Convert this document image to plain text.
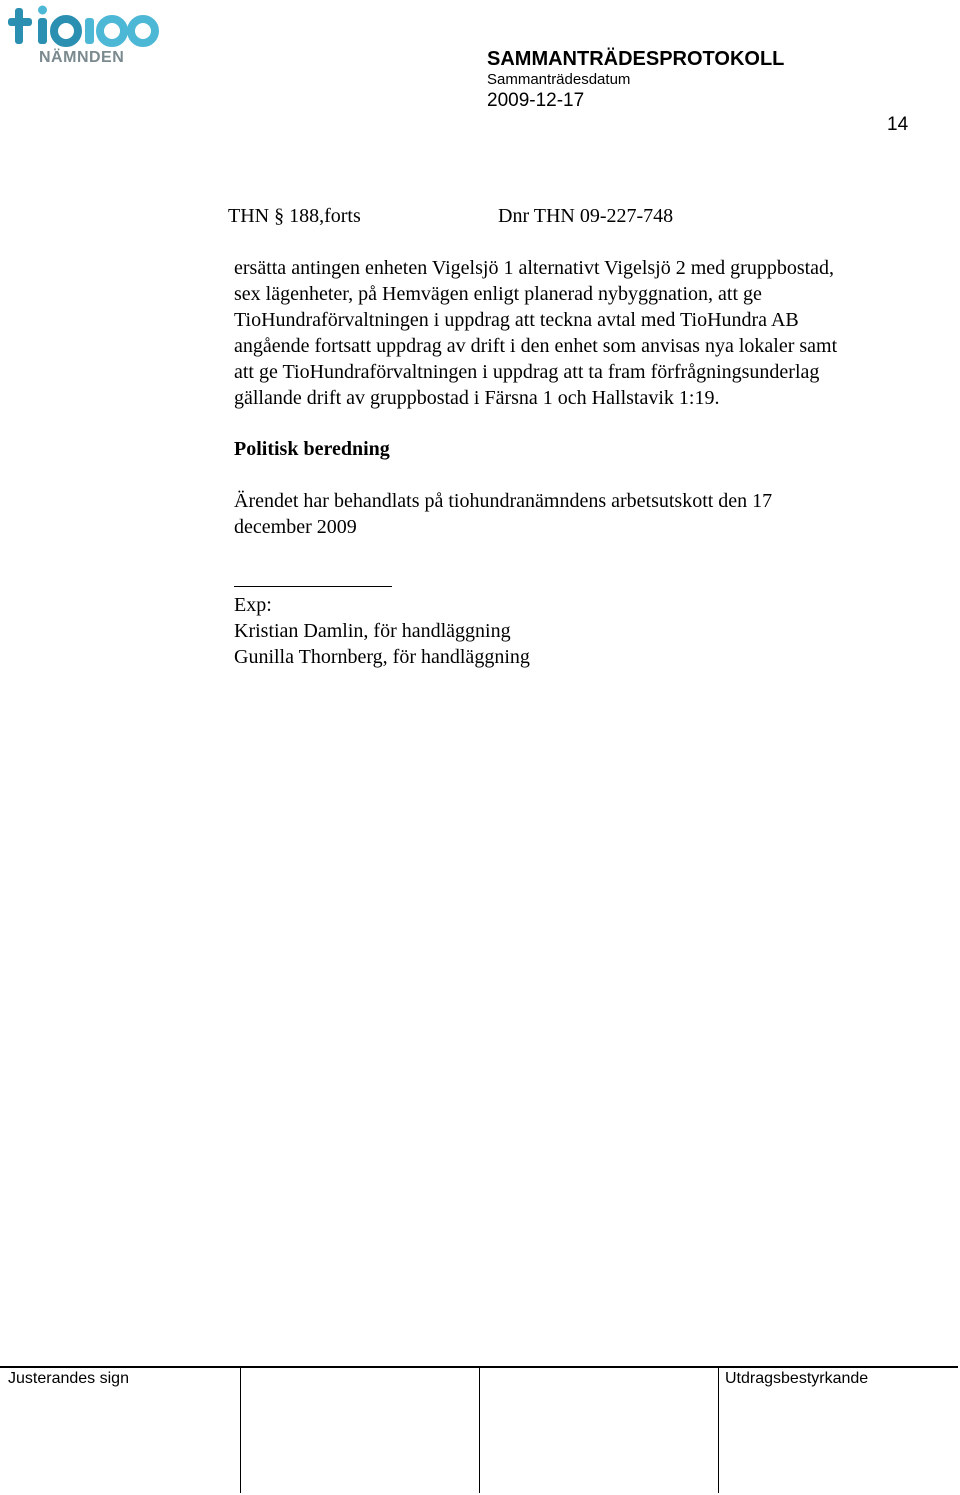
NÄMNDEN	SAMMANTRÄDESPROTOKOLL
Sammanträdesdatum
2009-12-17
14
THN § 188,forts	Dnr THN 09-227-748
ersätta antingen enheten Vigelsjö 1 alternativt Vigelsjö 2 med gruppbostad,
sex lägenheter, på Hemvägen enligt planerad nybyggnation, att ge
TioHundraförvaltningen i uppdrag att teckna avtal med TioHundra AB
angående fortsatt uppdrag av drift i den enhet som anvisas nya lokaler samt
att ge TioHundraförvaltningen i uppdrag att ta fram förfrågningsunderlag
gällande drift av gruppbostad i Färsna 1 och Hallstavik 1:19.
Politisk beredning
Ärendet har behandlats på tiohundranämndens arbetsutskott den 17
december 2009
Exp:
Kristian Damlin, för handläggning
Gunilla Thornberg, för handläggning
Justerandes sign	Utdragsbestyrkande
